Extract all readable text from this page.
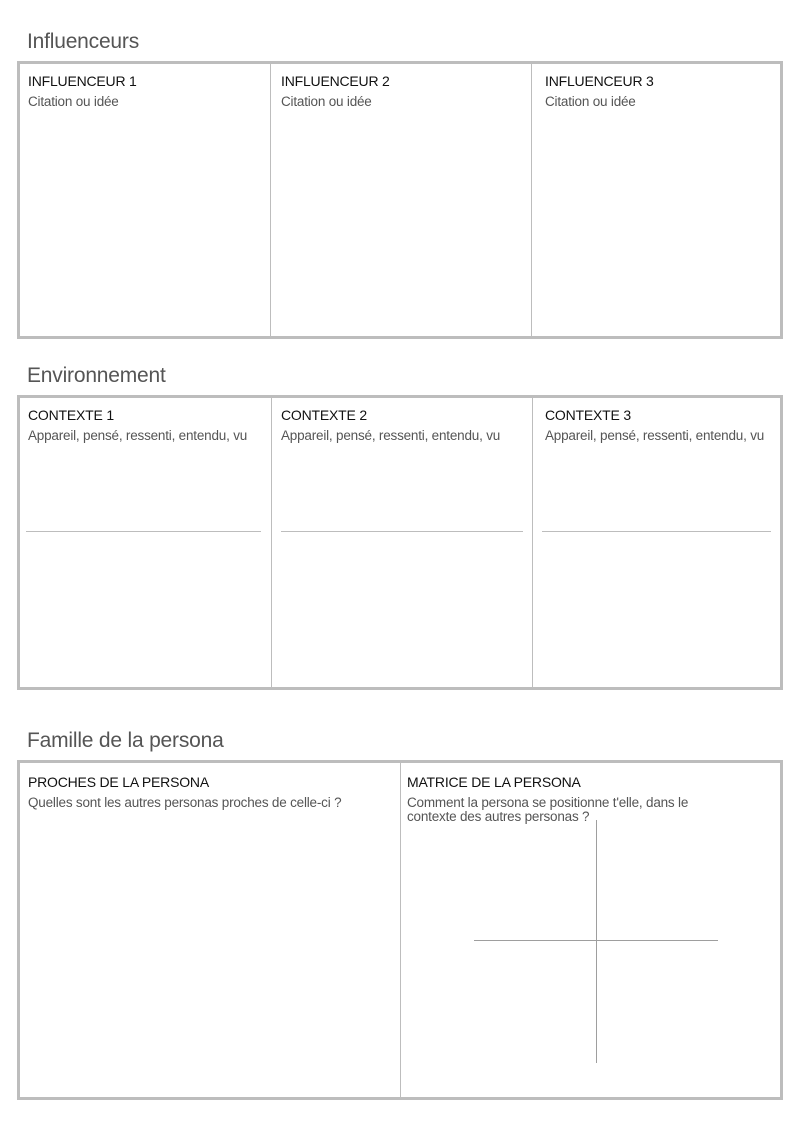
Influenceurs
INFLUENCEUR 1
Citation ou idée
INFLUENCEUR 2
Citation ou idée
INFLUENCEUR 3
Citation ou idée
Environnement
CONTEXTE 1
Appareil, pensé, ressenti, entendu, vu
CONTEXTE 2
Appareil, pensé, ressenti, entendu, vu
CONTEXTE 3
Appareil, pensé, ressenti, entendu, vu
Famille de la persona
PROCHES DE LA PERSONA
Quelles sont les autres personas proches de celle-ci ?
MATRICE DE LA PERSONA
Comment la persona se positionne t'elle, dans le contexte des autres personas ?
